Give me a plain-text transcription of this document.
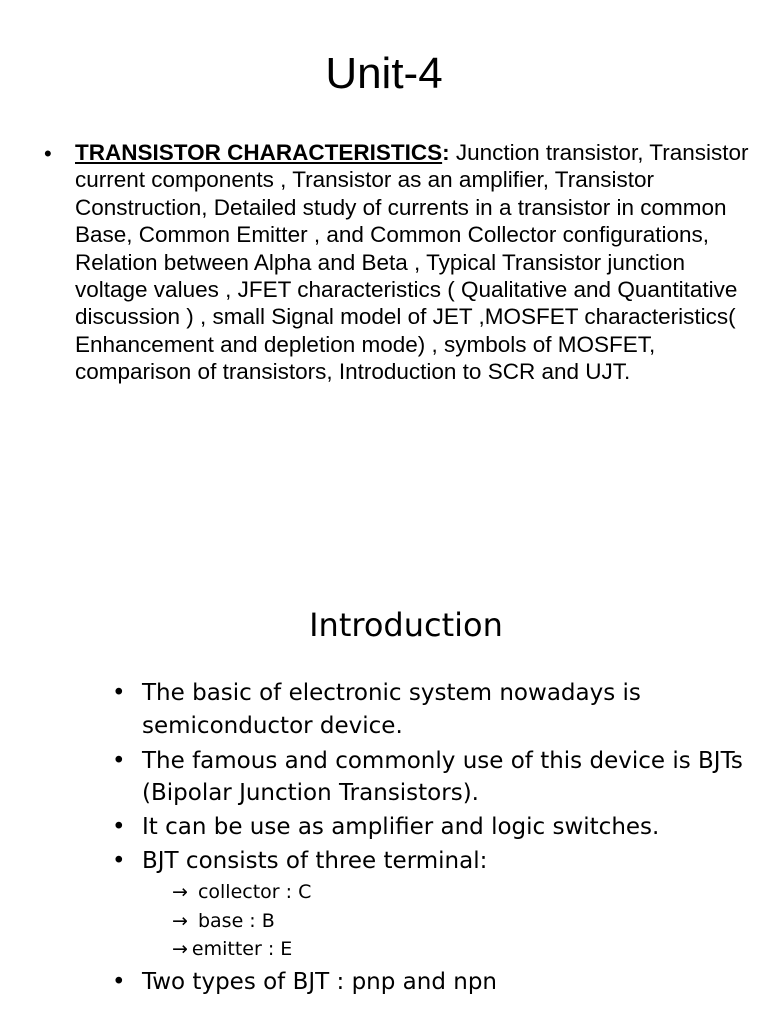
Unit-4
• TRANSISTOR CHARACTERISTICS: Junction transistor, Transistor current components , Transistor as an amplifier, Transistor Construction, Detailed study of currents in a transistor in common Base, Common Emitter , and Common Collector configurations, Relation between Alpha and Beta , Typical Transistor junction voltage values , JFET characteristics ( Qualitative and Quantitative discussion ) , small Signal model of JET ,MOSFET characteristics( Enhancement and depletion mode) , symbols of MOSFET, comparison of transistors, Introduction to SCR and UJT.
Introduction
• The basic of electronic system nowadays is semiconductor device.
• The famous and commonly use of this device is BJTs
(Bipolar Junction Transistors).
• It can be use as amplifier and logic switches.
• BJT consists of three terminal:
→ collector : C
→ base : B
→ emitter : E
• Two types of BJT : pnp and npn
